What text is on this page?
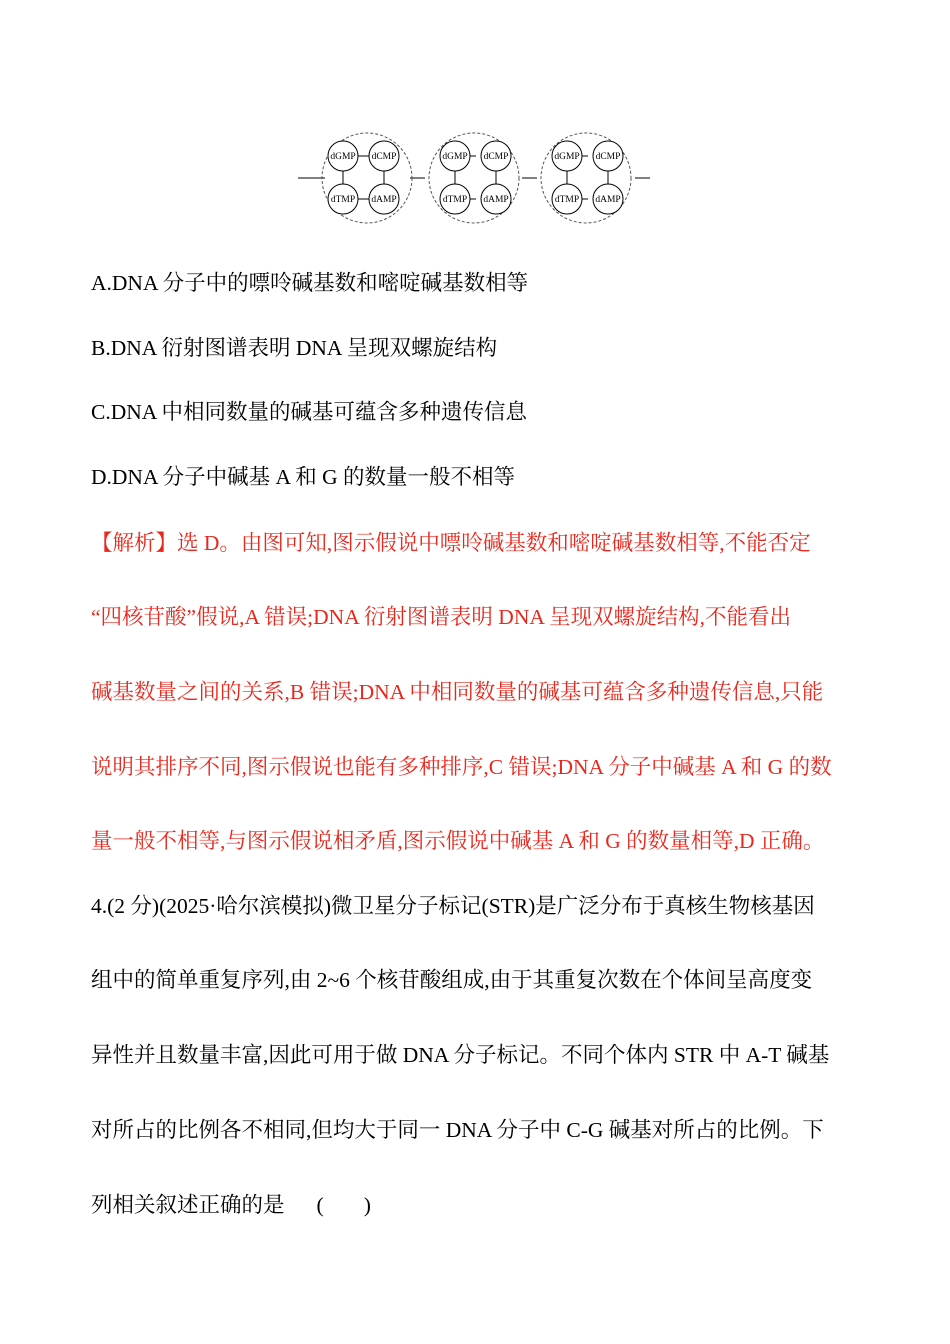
dGMP dCMP
dTMP dAMP
dGMP dCMP
dTMP dAMP
dGMP dCMP
dTMP dAMP
A.DNA 分子中的嘌呤碱基数和嘧啶碱基数相等
B.DNA 衍射图谱表明 DNA 呈现双螺旋结构
C.DNA 中相同数量的碱基可蕴含多种遗传信息
D.DNA 分子中碱基 A 和 G 的数量一般不相等
【解析】选 D。由图可知,图示假说中嘌呤碱基数和嘧啶碱基数相等,不能否定
“四核苷酸”假说,A 错误;DNA 衍射图谱表明 DNA 呈现双螺旋结构,不能看出
碱基数量之间的关系,B 错误;DNA 中相同数量的碱基可蕴含多种遗传信息,只能
说明其排序不同,图示假说也能有多种排序,C 错误;DNA 分子中碱基 A 和 G 的数
量一般不相等,与图示假说相矛盾,图示假说中碱基 A 和 G 的数量相等,D 正确。
4.(2 分)(2025·哈尔滨模拟)微卫星分子标记(STR)是广泛分布于真核生物核基因
组中的简单重复序列,由 2~6 个核苷酸组成,由于其重复次数在个体间呈高度变
异性并且数量丰富,因此可用于做 DNA 分子标记。不同个体内 STR 中 A-T 碱基
对所占的比例各不相同,但均大于同一 DNA 分子中 C-G 碱基对所占的比例。下
列相关叙述正确的是 ( )
